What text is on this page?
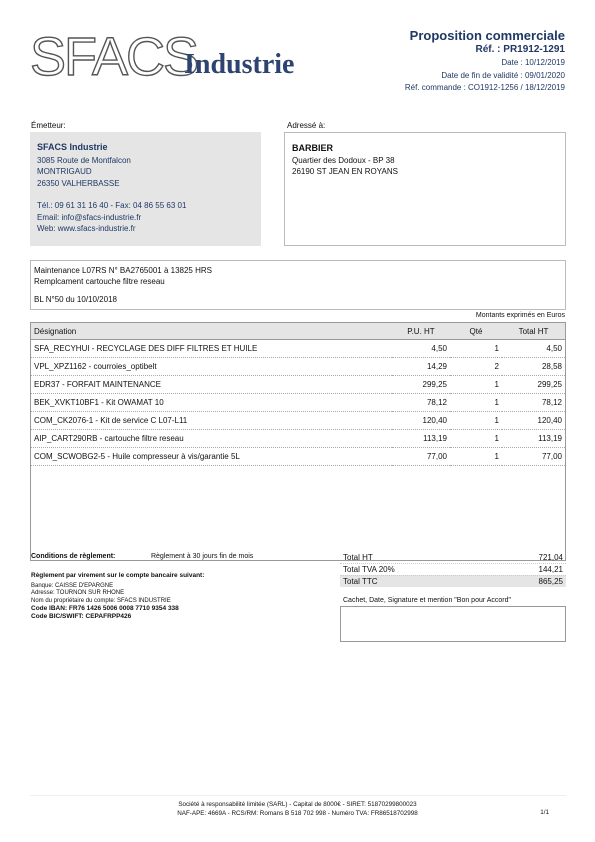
SFACS
Industrie
Proposition commerciale
Réf. : PR1912-1291
Date : 10/12/2019
Date de fin de validité : 09/01/2020
Réf. commande : CO1912-1256 / 18/12/2019
Émetteur:
SFACS Industrie
3085 Route de Montfalcon
MONTRIGAUD
26350 VALHERBASSE
Tél.: 09 61 31 16 40 - Fax: 04 86 55 63 01
Email: info@sfacs-industrie.fr
Web: www.sfacs-industrie.fr
Adressé à:
BARBIER
Quartier des Dodoux - BP 38
26190 ST JEAN EN ROYANS
Maintenance L07RS N° BA2765001 à 13825 HRS
Remplcament cartouche filtre reseau
BL N°50 du 10/10/2018
Montants exprimés en Euros
Désignation	P.U. HT	Qté	Total HT
SFA_RECYHUI - RECYCLAGE DES DIFF FILTRES ET HUILE	4,50	1	4,50
VPL_XPZ1162 - courroies_optibelt	14,29	2	28,58
EDR37 - FORFAIT MAINTENANCE	299,25	1	299,25
BEK_XVKT10BF1 - Kit OWAMAT 10	78,12	1	78,12
COM_CK2076-1 - Kit de service C L07-L11	120,40	1	120,40
AIP_CART290RB - cartouche filtre reseau	113,19	1	113,19
COM_SCWOBG2-5 - Huile compresseur à vis/garantie 5L	77,00	1	77,00

Conditions de règlement:	Règlement à 30 jours fin de mois
Règlement par virement sur le compte bancaire suivant:
Banque: CAISSE D'EPARGNE
Adresse: TOURNON SUR RHONE
Nom du propriétaire du compte: SFACS INDUSTRIE
Code IBAN: FR76 1426 5006 0008 7710 9354 338
Code BIC/SWIFT: CEPAFRPP426
Total HT	721,04
Total TVA 20%	144,21
Total TTC	865,25
Cachet, Date, Signature et mention "Bon pour Accord"
Société à responsabilité limitée (SARL) - Capital de 8000€ - SIRET: 51870299800023
NAF-APE: 4669A - RCS/RM: Romans B 518 702 998 - Numéro TVA: FR86518702998	1/1
